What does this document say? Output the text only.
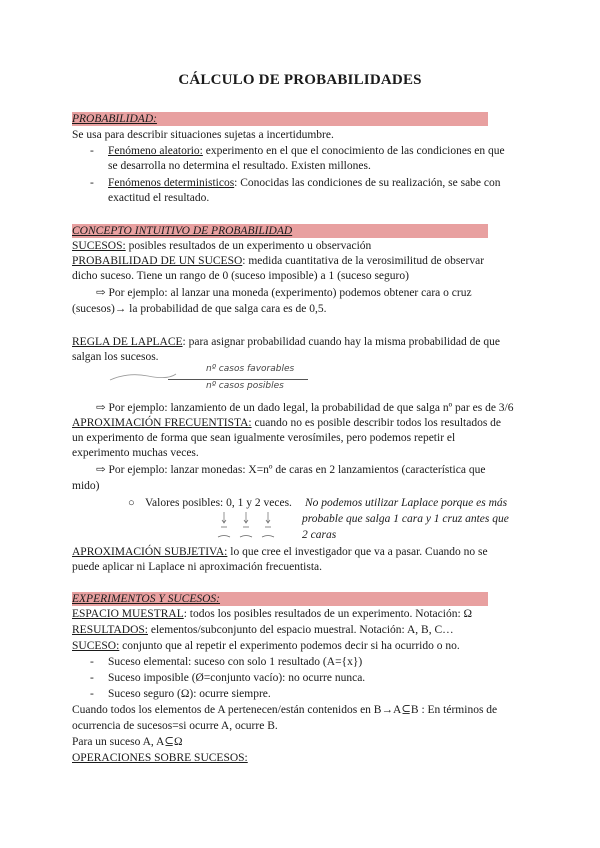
CÁLCULO DE PROBABILIDADES
PROBABILIDAD:
Se usa para describir situaciones sujetas a incertidumbre.
- Fenómeno aleatorio: experimento en el que el conocimiento de las condiciones en que
se desarrolla no determina el resultado. Existen millones.
- Fenómenos deterministicos: Conocidas las condiciones de su realización, se sabe con
exactitud el resultado.
CONCEPTO INTUITIVO DE PROBABILIDAD
SUCESOS: posibles resultados de un experimento u observación
PROBABILIDAD DE UN SUCESO: medida cuantitativa de la verosimilitud de observar
dicho suceso. Tiene un rango de 0 (suceso imposible) a 1 (suceso seguro)
⇨ Por ejemplo: al lanzar una moneda (experimento) podemos obtener cara o cruz
(sucesos)→ la probabilidad de que salga cara es de 0,5.
REGLA DE LAPLACE: para asignar probabilidad cuando hay la misma probabilidad de que
salgan los sucesos.
nº casos favorables
nº casos posibles
⇨ Por ejemplo: lanzamiento de un dado legal, la probabilidad de que salga nº par es de 3/6
APROXIMACIÓN FRECUENTISTA: cuando no es posible describir todos los resultados de
un experimento de forma que sean igualmente verosímiles, pero podemos repetir el
experimento muchas veces.
⇨ Por ejemplo: lanzar monedas: X=nº de caras en 2 lanzamientos (característica que
mido)
○ Valores posibles: 0, 1 y 2 veces.	No podemos utilizar Laplace porque es más
probable que salga 1 cara y 1 cruz antes que
2 caras
APROXIMACIÓN SUBJETIVA: lo que cree el investigador que va a pasar. Cuando no se
puede aplicar ni Laplace ni aproximación frecuentista.
EXPERIMENTOS Y SUCESOS:
ESPACIO MUESTRAL: todos los posibles resultados de un experimento. Notación: Ω
RESULTADOS: elementos/subconjunto del espacio muestral. Notación: A, B, C…
SUCESO: conjunto que al repetir el experimento podemos decir si ha ocurrido o no.
- Suceso elemental: suceso con solo 1 resultado (A={x})
- Suceso imposible (Ø=conjunto vacío): no ocurre nunca.
- Suceso seguro (Ω): ocurre siempre.
Cuando todos los elementos de A pertenecen/están contenidos en B→A⊆B : En términos de
ocurrencia de sucesos=si ocurre A, ocurre B.
Para un suceso A, A⊆Ω
OPERACIONES SOBRE SUCESOS:
